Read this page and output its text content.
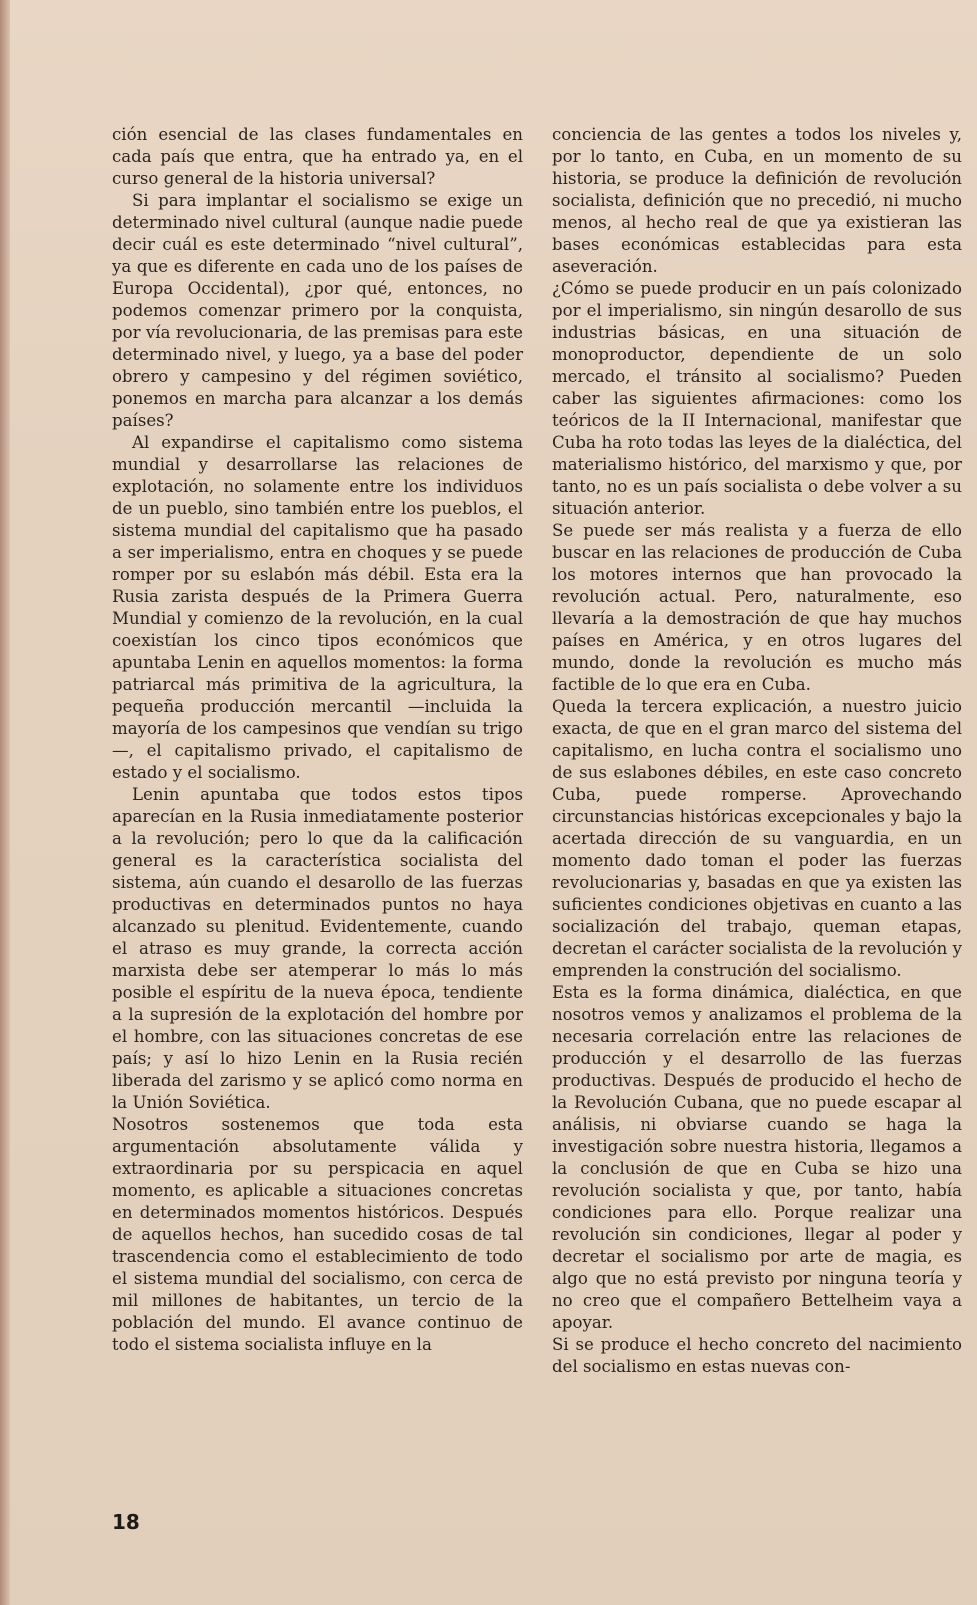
ción esencial de las clases fundamentales en cada país que entra, que ha entrado ya, en el curso general de la historia universal?

Si para implantar el socialismo se exige un determinado nivel cultural (aunque nadie puede decir cuál es este determinado “nivel cultural”, ya que es diferente en cada uno de los países de Europa Occidental), ¿por qué, entonces, no podemos comenzar primero por la conquista, por vía revolucionaria, de las premisas para este determinado nivel, y luego, ya a base del poder obrero y campesino y del régimen soviético, ponemos en marcha para alcanzar a los demás países?

Al expandirse el capitalismo como sistema mundial y desarrollarse las relaciones de explotación, no solamente entre los individuos de un pueblo, sino también entre los pueblos, el sistema mundial del capitalismo que ha pasado a ser imperialismo, entra en choques y se puede romper por su eslabón más débil. Esta era la Rusia zarista después de la Primera Guerra Mundial y comienzo de la revolución, en la cual coexistían los cinco tipos económicos que apuntaba Lenin en aquellos momentos: la forma patriarcal más primitiva de la agricultura, la pequeña producción mercantil —incluida la mayoría de los campesinos que vendían su trigo—, el capitalismo privado, el capitalismo de estado y el socialismo.

Lenin apuntaba que todos estos tipos aparecían en la Rusia inmediatamente posterior a la revolución; pero lo que da la calificación general es la característica socialista del sistema, aún cuando el desarollo de las fuerzas productivas en determinados puntos no haya alcanzado su plenitud. Evidentemente, cuando el atraso es muy grande, la correcta acción marxista debe ser atemperar lo más lo más posible el espíritu de la nueva época, tendiente a la supresión de la explotación del hombre por el hombre, con las situaciones concretas de ese país; y así lo hizo Lenin en la Rusia recién liberada del zarismo y se aplicó como norma en la Unión Soviética.

Nosotros sostenemos que toda esta argumentación absolutamente válida y extraordinaria por su perspicacia en aquel momento, es aplicable a situaciones concretas en determinados momentos históricos. Después de aquellos hechos, han sucedido cosas de tal trascendencia como el establecimiento de todo el sistema mundial del socialismo, con cerca de mil millones de habitantes, un tercio de la población del mundo. El avance continuo de todo el sistema socialista influye en la

conciencia de las gentes a todos los niveles y, por lo tanto, en Cuba, en un momento de su historia, se produce la definición de revolución socialista, definición que no precedió, ni mucho menos, al hecho real de que ya existieran las bases económicas establecidas para esta aseveración.

¿Cómo se puede producir en un país colonizado por el imperialismo, sin ningún desarollo de sus industrias básicas, en una situación de monoproductor, dependiente de un solo mercado, el tránsito al socialismo? Pueden caber las siguientes afirmaciones: como los teóricos de la II Internacional, manifestar que Cuba ha roto todas las leyes de la dialéctica, del materialismo histórico, del marxismo y que, por tanto, no es un país socialista o debe volver a su situación anterior.

Se puede ser más realista y a fuerza de ello buscar en las relaciones de producción de Cuba los motores internos que han provocado la revolución actual. Pero, naturalmente, eso llevaría a la demostración de que hay muchos países en América, y en otros lugares del mundo, donde la revolución es mucho más factible de lo que era en Cuba.

Queda la tercera explicación, a nuestro juicio exacta, de que en el gran marco del sistema del capitalismo, en lucha contra el socialismo uno de sus eslabones débiles, en este caso concreto Cuba, puede romperse. Aprovechando circunstancias históricas excepcionales y bajo la acertada dirección de su vanguardia, en un momento dado toman el poder las fuerzas revolucionarias y, basadas en que ya existen las suficientes condiciones objetivas en cuanto a las socialización del trabajo, queman etapas, decretan el carácter socialista de la revolución y emprenden la construción del socialismo.

Esta es la forma dinámica, dialéctica, en que nosotros vemos y analizamos el problema de la necesaria correlación entre las relaciones de producción y el desarrollo de las fuerzas productivas. Después de producido el hecho de la Revolución Cubana, que no puede escapar al análisis, ni obviarse cuando se haga la investigación sobre nuestra historia, llegamos a la conclusión de que en Cuba se hizo una revolución socialista y que, por tanto, había condiciones para ello. Porque realizar una revolución sin condiciones, llegar al poder y decretar el socialismo por arte de magia, es algo que no está previsto por ninguna teoría y no creo que el compañero Bettelheim vaya a apoyar.

Si se produce el hecho concreto del nacimiento del socialismo en estas nuevas con-

18
